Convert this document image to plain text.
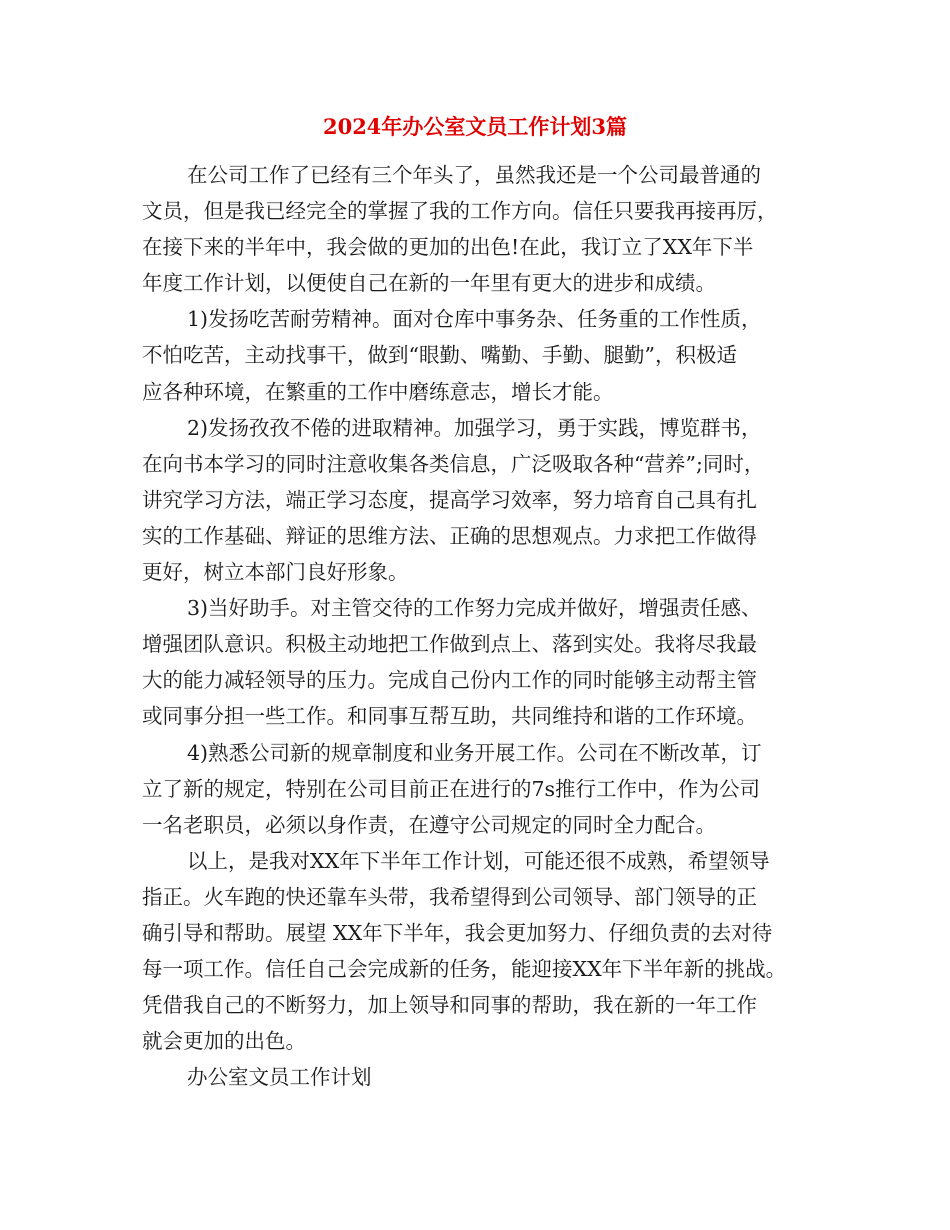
2024年办公室文员工作计划3篇

在公司工作了已经有三个年头了，虽然我还是一个公司最普通的
文员，但是我已经完全的掌握了我的工作方向。信任只要我再接再厉，
在接下来的半年中，我会做的更加的出色!在此，我订立了XX年下半
年度工作计划，以便使自己在新的一年里有更大的进步和成绩。

1)发扬吃苦耐劳精神。面对仓库中事务杂、任务重的工作性质，
不怕吃苦，主动找事干，做到“眼勤、嘴勤、手勤、腿勤”，积极适
应各种环境，在繁重的工作中磨练意志，增长才能。

2)发扬孜孜不倦的进取精神。加强学习，勇于实践，博览群书，
在向书本学习的同时注意收集各类信息，广泛吸取各种“营养”;同时，
讲究学习方法，端正学习态度，提高学习效率，努力培育自己具有扎
实的工作基础、辩证的思维方法、正确的思想观点。力求把工作做得
更好，树立本部门良好形象。

3)当好助手。对主管交待的工作努力完成并做好，增强责任感、
增强团队意识。积极主动地把工作做到点上、落到实处。我将尽我最
大的能力减轻领导的压力。完成自己份内工作的同时能够主动帮主管
或同事分担一些工作。和同事互帮互助，共同维持和谐的工作环境。

4)熟悉公司新的规章制度和业务开展工作。公司在不断改革，订
立了新的规定，特别在公司目前正在进行的7s推行工作中，作为公司
一名老职员，必须以身作责，在遵守公司规定的同时全力配合。

以上，是我对XX年下半年工作计划，可能还很不成熟，希望领导
指正。火车跑的快还靠车头带，我希望得到公司领导、部门领导的正
确引导和帮助。展望 XX年下半年，我会更加努力、仔细负责的去对待
每一项工作。信任自己会完成新的任务，能迎接XX年下半年新的挑战。
凭借我自己的不断努力，加上领导和同事的帮助，我在新的一年工作
就会更加的出色。

办公室文员工作计划
